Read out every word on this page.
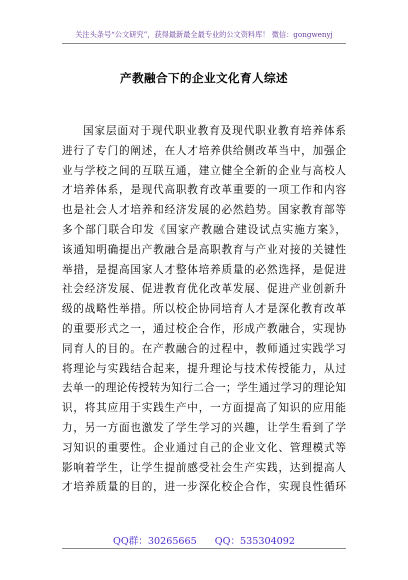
关注头条号“公文研究”，获得最新最全最专业的公文资料库！ 微信：gongwenyj
产教融合下的企业文化育人综述
国家层面对于现代职业教育及现代职业教育培养体系
进行了专门的阐述，在人才培养供给侧改革当中，加强企
业与学校之间的互联互通，建立健全全新的企业与高校人
才培养体系，是现代高职教育改革重要的一项工作和内容
也是社会人才培养和经济发展的必然趋势。国家教育部等
多个部门联合印发《国家产教融合建设试点实施方案》，
该通知明确提出产教融合是高职教育与产业对接的关键性
举措，是提高国家人才整体培养质量的必然选择，是促进
社会经济发展、促进教育优化改革发展、促进产业创新升
级的战略性举措。所以校企协同培育人才是深化教育改革
的重要形式之一，通过校企合作，形成产教融合，实现协
同育人的目的。在产教融合的过程中，教师通过实践学习
将理论与实践结合起来，提升理论与技术传授能力，从过
去单一的理论传授转为知行二合一；学生通过学习的理论知
识，将其应用于实践生产中，一方面提高了知识的应用能
力，另一方面也激发了学生学习的兴趣，让学生看到了学
习知识的重要性。企业通过自己的企业文化、管理模式等
影响着学生，让学生提前感受社会生产实践，达到提高人
才培养质量的目的，进一步深化校企合作，实现良性循环
QQ群：30265665 QQ：535304092
